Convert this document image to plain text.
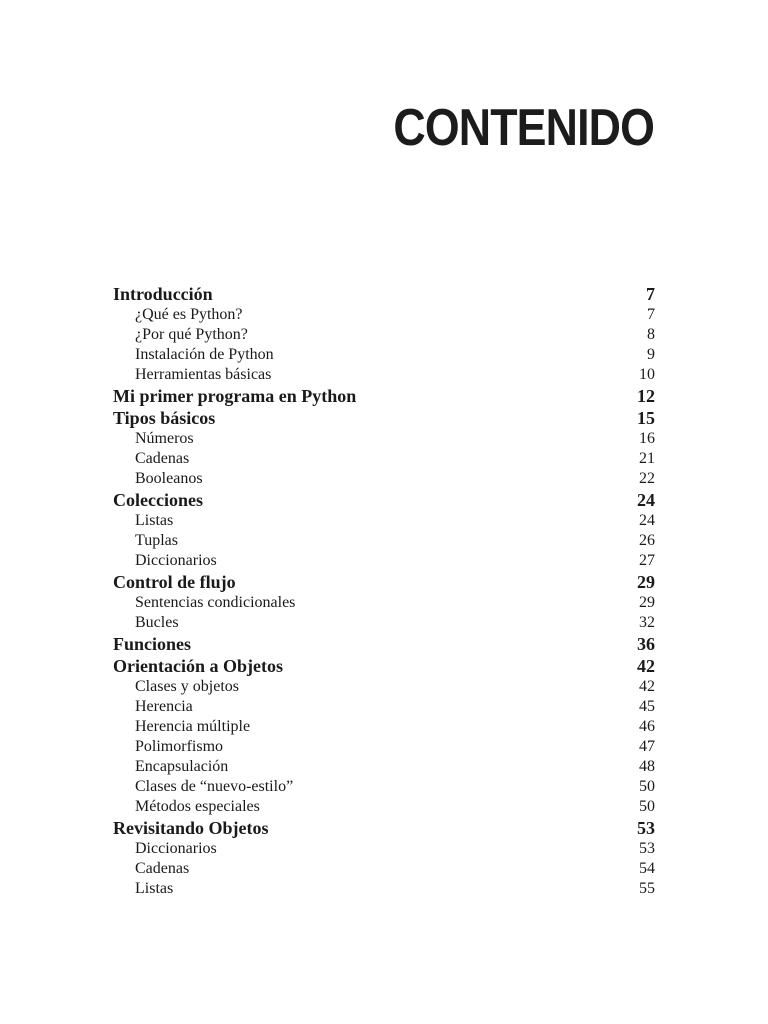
CONTENIDO
Introducción	7
¿Qué es Python?	7
¿Por qué Python?	8
Instalación de Python	9
Herramientas básicas	10
Mi primer programa en Python	12
Tipos básicos	15
Números	16
Cadenas	21
Booleanos	22
Colecciones	24
Listas	24
Tuplas	26
Diccionarios	27
Control de flujo	29
Sentencias condicionales	29
Bucles	32
Funciones	36
Orientación a Objetos	42
Clases y objetos	42
Herencia	45
Herencia múltiple	46
Polimorfismo	47
Encapsulación	48
Clases de “nuevo-estilo”	50
Métodos especiales	50
Revisitando Objetos	53
Diccionarios	53
Cadenas	54
Listas	55
